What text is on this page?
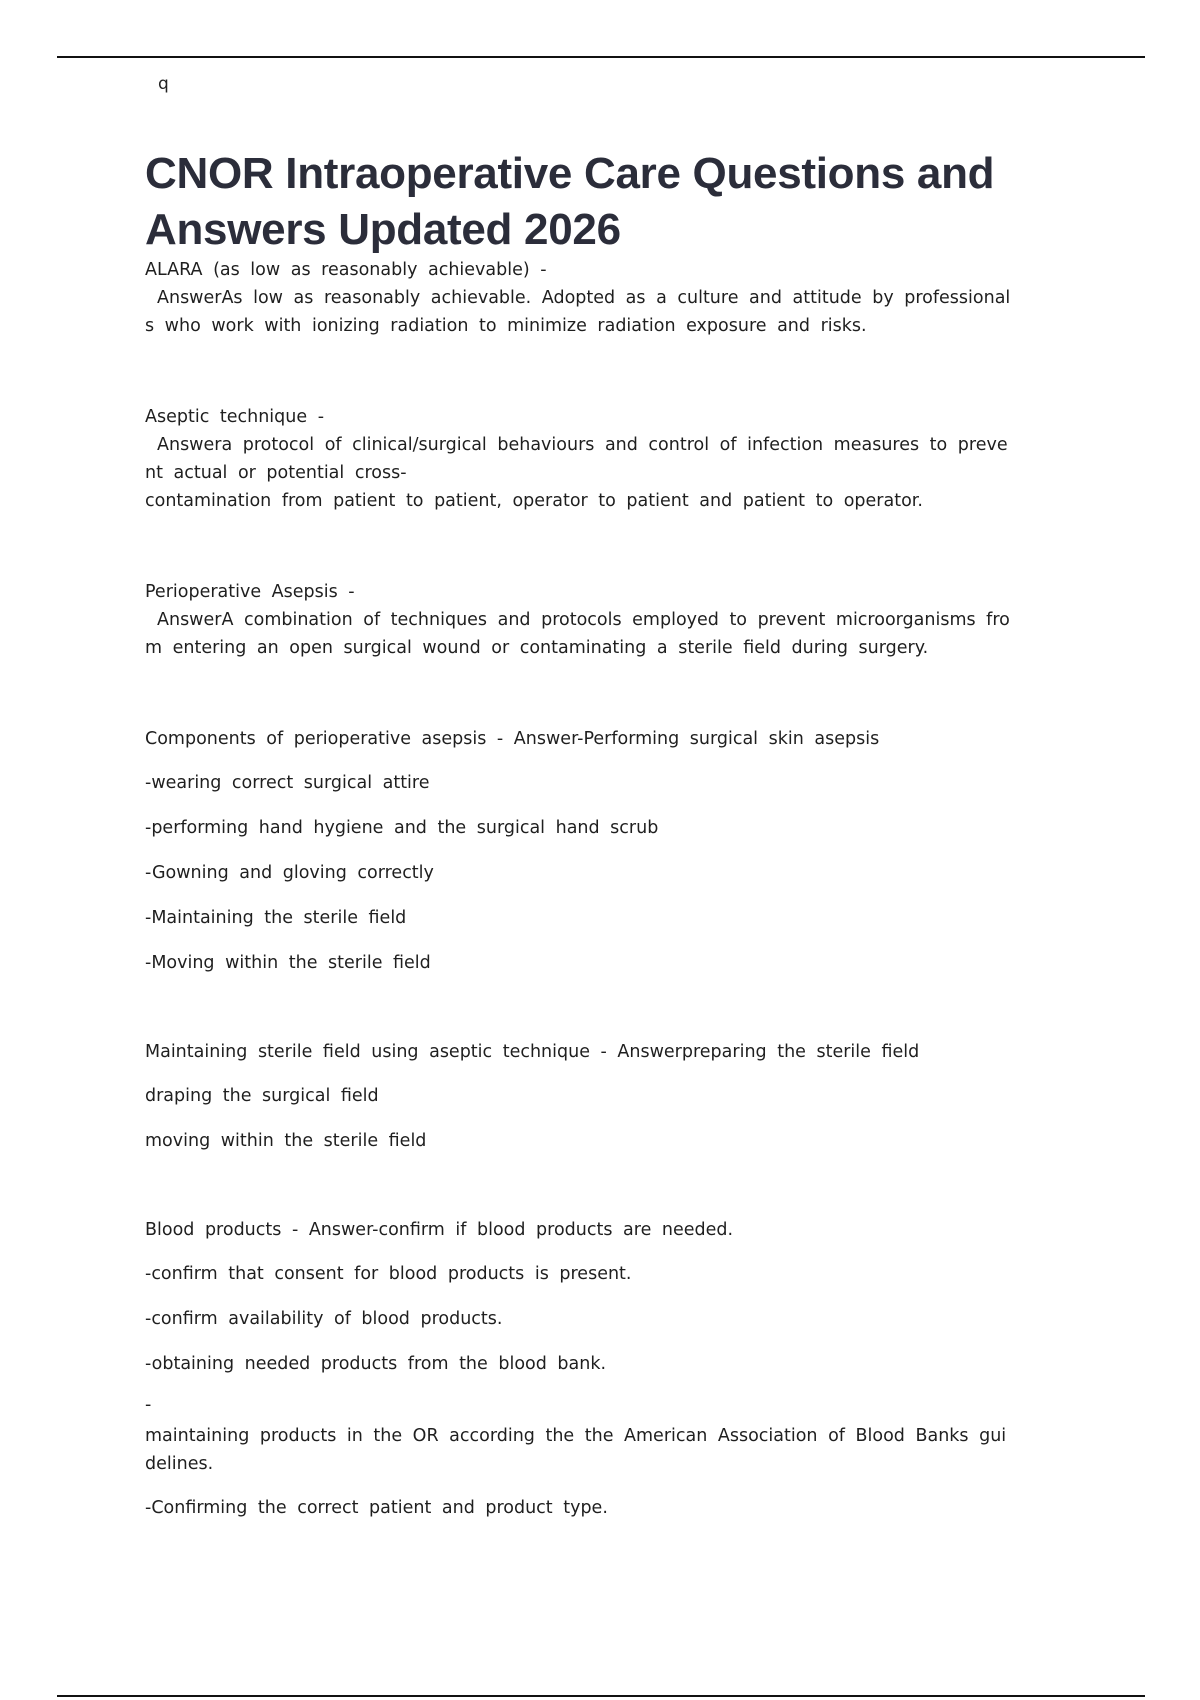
q
CNOR Intraoperative Care Questions and Answers Updated 2026

ALARA (as low as reasonably achievable) -

AnswerAs low as reasonably achievable. Adopted as a culture and attitude by professional

s who work with ionizing radiation to minimize radiation exposure and risks.

Aseptic technique -

Answera protocol of clinical/surgical behaviours and control of infection measures to preve

nt actual or potential cross-

contamination from patient to patient, operator to patient and patient to operator.

Perioperative Asepsis -

AnswerA combination of techniques and protocols employed to prevent microorganisms fro

m entering an open surgical wound or contaminating a sterile field during surgery.

Components of perioperative asepsis - Answer-Performing surgical skin asepsis

-wearing correct surgical attire

-performing hand hygiene and the surgical hand scrub

-Gowning and gloving correctly

-Maintaining the sterile field

-Moving within the sterile field

Maintaining sterile field using aseptic technique - Answerpreparing the sterile field

draping the surgical field

moving within the sterile field

Blood products - Answer-confirm if blood products are needed.

-confirm that consent for blood products is present.

-confirm availability of blood products.

-obtaining needed products from the blood bank.

-

maintaining products in the OR according the the American Association of Blood Banks gui

delines.

-Confirming the correct patient and product type.
